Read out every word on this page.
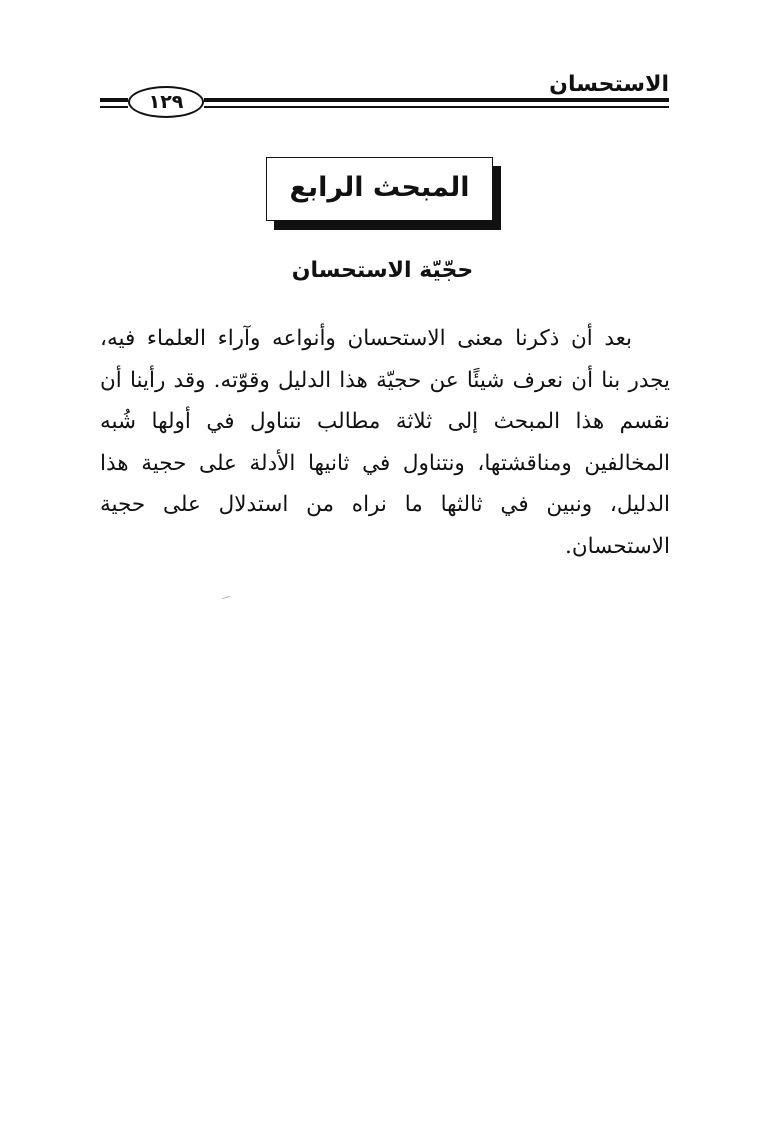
الاستحسان
١٢٩
المبحث الرابع
حجّيّة الاستحسان

بعد أن ذكرنا معنى الاستحسان وأنواعه وآراء العلماء فيه، يجدر بنا أن نعرف شيئًا عن حجيّة هذا الدليل وقوّته. وقد رأينا أن نقسم هذا المبحث إلى ثلاثة مطالب نتناول في أولها شُبه المخالفين ومناقشتها، ونتناول في ثانيها الأدلة على حجية هذا الدليل، ونبين في ثالثها ما نراه من استدلال على حجية الاستحسان.
